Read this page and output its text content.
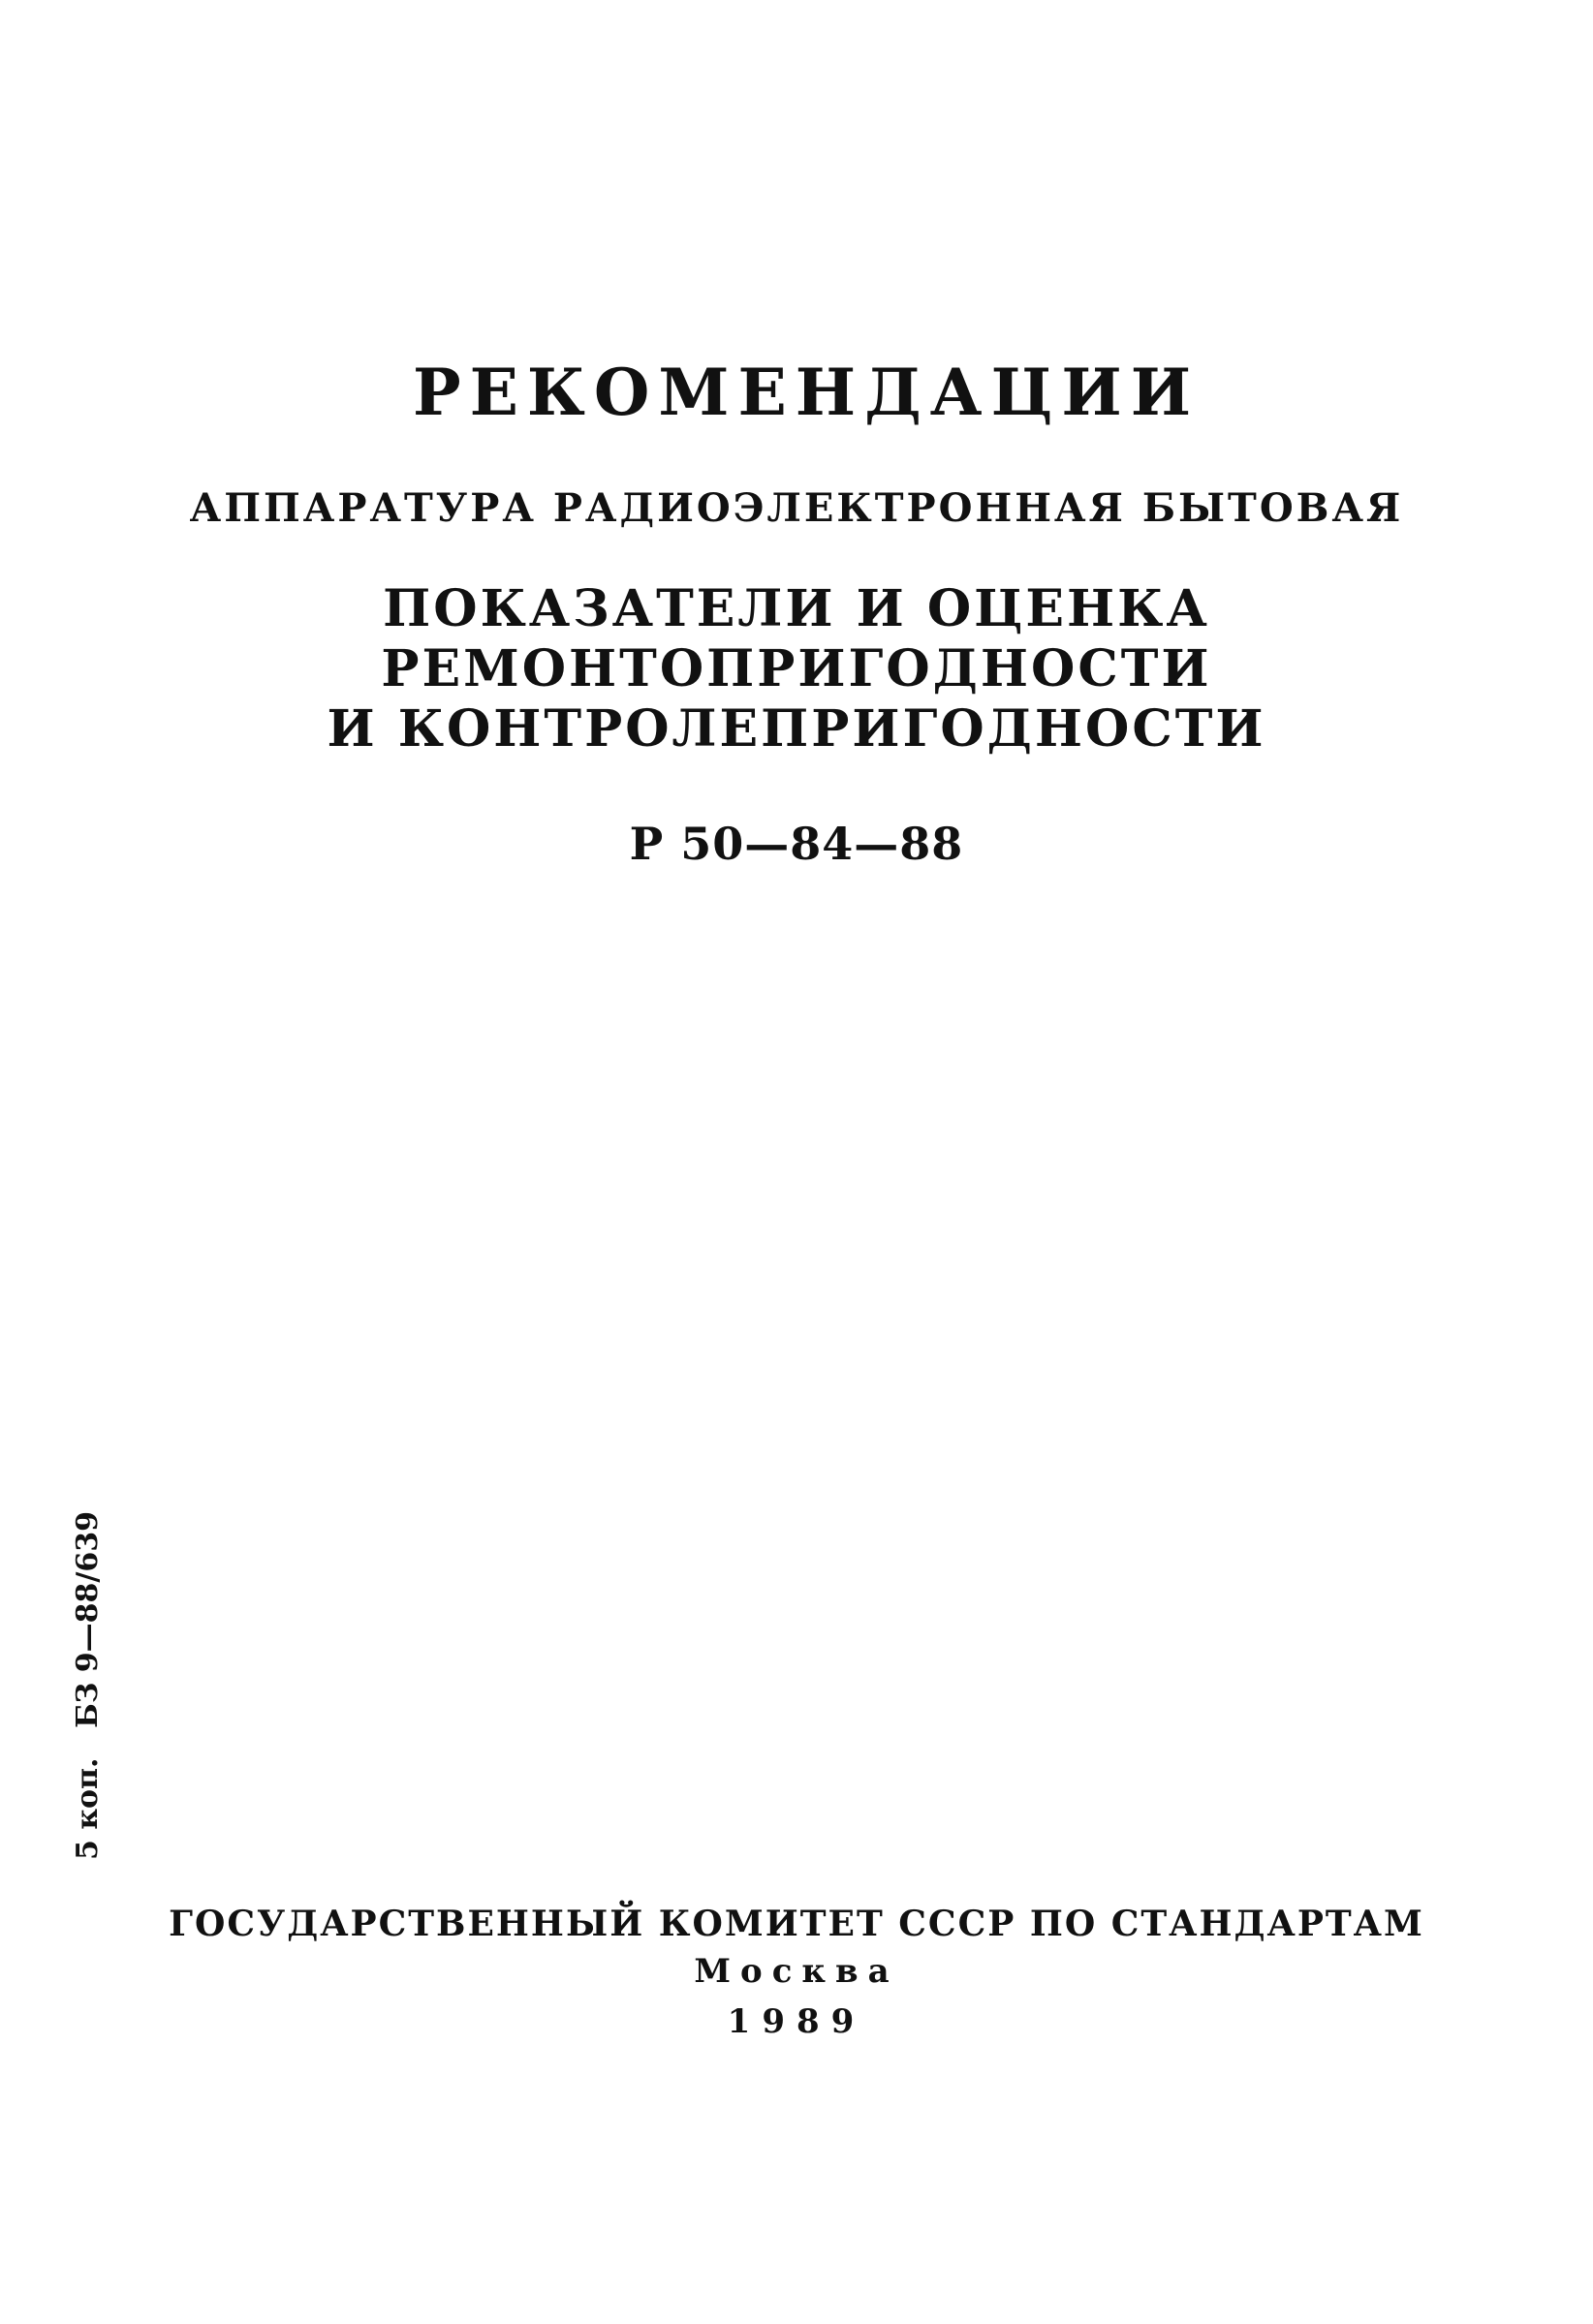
РЕКОМЕНДАЦИИ
АППАРАТУРА РАДИОЭЛЕКТРОННАЯ БЫТОВАЯ
ПОКАЗАТЕЛИ И ОЦЕНКА
РЕМОНТОПРИГОДНОСТИ
И КОНТРОЛЕПРИГОДНОСТИ
Р 50—84—88
5 коп.
БЗ 9—88/639
ГОСУДАРСТВЕННЫЙ КОМИТЕТ СССР ПО СТАНДАРТАМ
Москва
1989
